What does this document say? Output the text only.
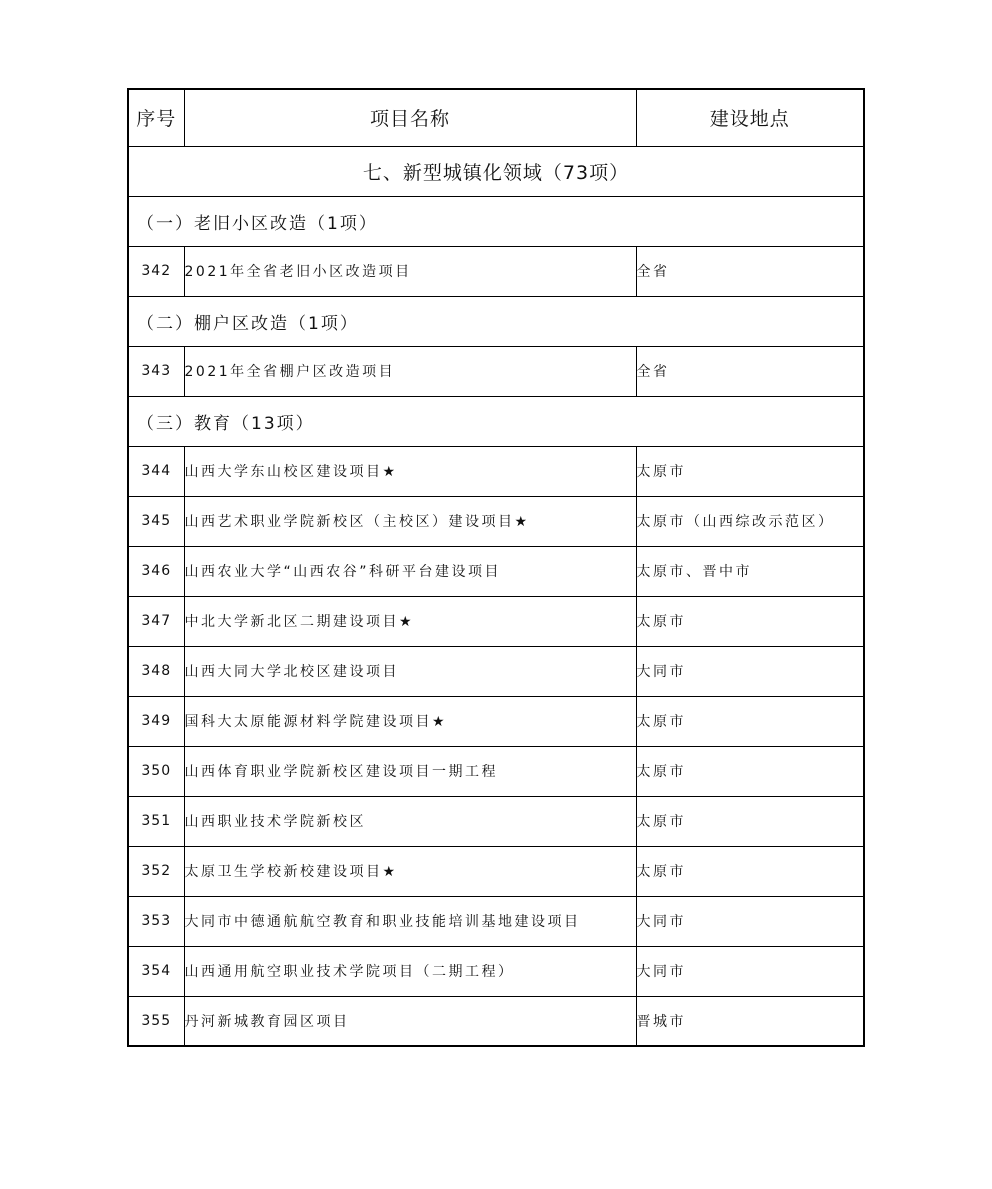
序号	项目名称	建设地点
七、新型城镇化领域（73项）		
（一）老旧小区改造（1项）		
342	2021年全省老旧小区改造项目	全省
（二）棚户区改造（1项）		
343	2021年全省棚户区改造项目	全省
（三）教育（13项）		
344	山西大学东山校区建设项目★	太原市
345	山西艺术职业学院新校区（主校区）建设项目★	太原市（山西综改示范区）
346	山西农业大学“山西农谷”科研平台建设项目	太原市、晋中市
347	中北大学新北区二期建设项目★	太原市
348	山西大同大学北校区建设项目	大同市
349	国科大太原能源材料学院建设项目★	太原市
350	山西体育职业学院新校区建设项目一期工程	太原市
351	山西职业技术学院新校区	太原市
352	太原卫生学校新校建设项目★	太原市
353	大同市中德通航航空教育和职业技能培训基地建设项目	大同市
354	山西通用航空职业技术学院项目（二期工程）	大同市
355	丹河新城教育园区项目	晋城市
